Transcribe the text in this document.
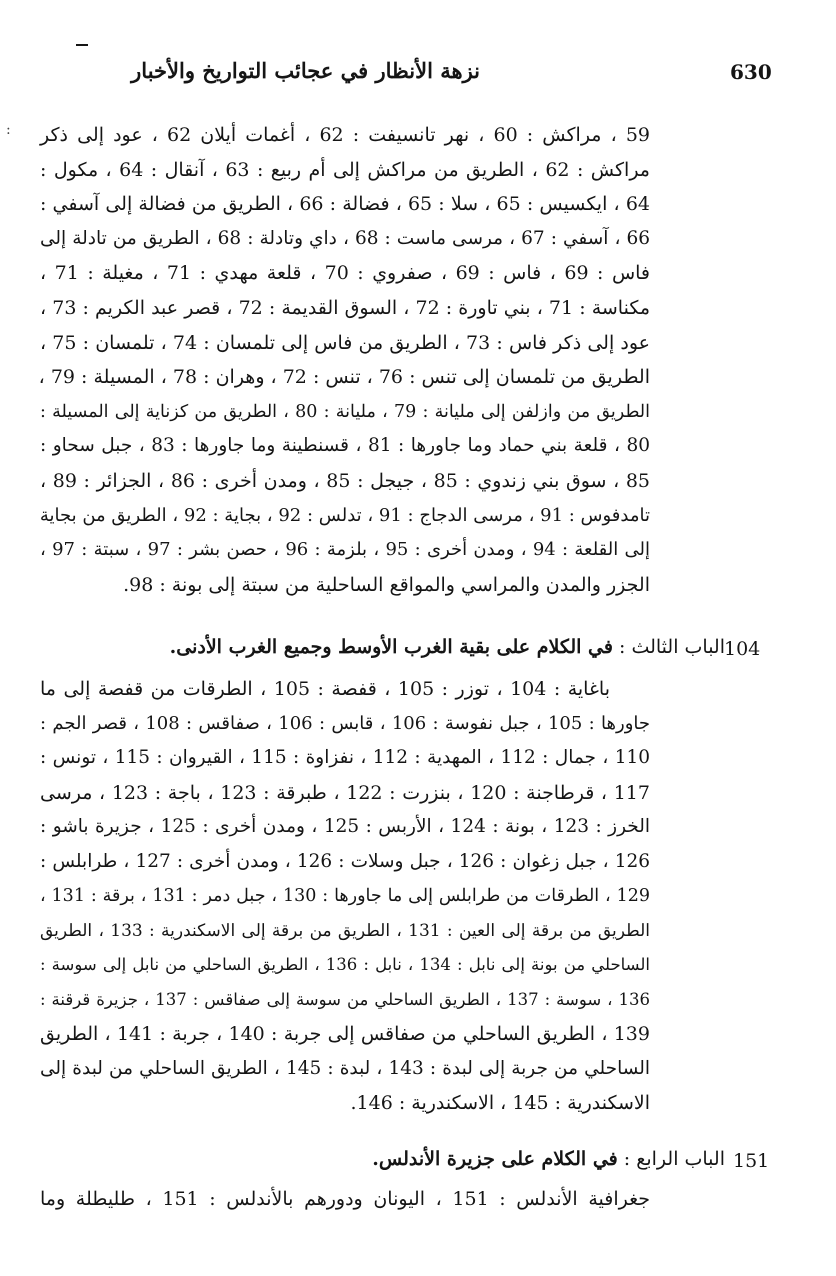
نزهة الأنظار في عجائب التواريخ والأخبار	630
: 59 ، مراكش : 60 ، نهر تانسيفت : 62 ، أغمات أيلان 62 ، عود إلى ذكر
مراكش : 62 ، الطريق من مراكش إلى أم ربيع : 63 ، آنقال : 64 ، مكول :
64 ، ايكسيس : 65 ، سلا : 65 ، فضالة : 66 ، الطريق من فضالة إلى آسفي :
66 ، آسفي : 67 ، مرسى ماست : 68 ، داي وتادلة : 68 ، الطريق من تادلة إلى
فاس : 69 ، فاس : 69 ، صفروي : 70 ، قلعة مهدي : 71 ، مغيلة : 71 ،
مكناسة : 71 ، بني تاورة : 72 ، السوق القديمة : 72 ، قصر عبد الكريم : 73 ،
عود إلى ذكر فاس : 73 ، الطريق من فاس إلى تلمسان : 74 ، تلمسان : 75 ،
الطريق من تلمسان إلى تنس : 76 ، تنس : 72 ، وهران : 78 ، المسيلة : 79 ،
الطريق من وازلفن إلى مليانة : 79 ، مليانة : 80 ، الطريق من كزناية إلى المسيلة :
80 ، قلعة بني حماد وما جاورها : 81 ، قسنطينة وما جاورها : 83 ، جبل سحاو :
85 ، سوق بني زندوي : 85 ، جيجل : 85 ، ومدن أخرى : 86 ، الجزائر : 89 ،
تامدفوس : 91 ، مرسى الدجاج : 91 ، تدلس : 92 ، بجاية : 92 ، الطريق من بجاية
إلى القلعة : 94 ، ومدن أخرى : 95 ، بلزمة : 96 ، حصن بشر : 97 ، سبتة : 97 ،
الجزر والمدن والمراسي والمواقع الساحلية من سبتة إلى بونة : 98.
104
الباب الثالث : في الكلام على بقية الغرب الأوسط وجميع الغرب الأدنى.
باغاية : 104 ، توزر : 105 ، قفصة : 105 ، الطرقات من قفصة إلى ما
جاورها : 105 ، جبل نفوسة : 106 ، قابس : 106 ، صفاقس : 108 ، قصر الجم :
110 ، جمال : 112 ، المهدية : 112 ، نفزاوة : 115 ، القيروان : 115 ، تونس :
117 ، قرطاجنة : 120 ، بنزرت : 122 ، طبرقة : 123 ، باجة : 123 ، مرسى
الخرز : 123 ، بونة : 124 ، الأربس : 125 ، ومدن أخرى : 125 ، جزيرة باشو :
126 ، جبل زغوان : 126 ، جبل وسلات : 126 ، ومدن أخرى : 127 ، طرابلس :
129 ، الطرقات من طرابلس إلى ما جاورها : 130 ، جبل دمر : 131 ، برقة : 131 ،
الطريق من برقة إلى العين : 131 ، الطريق من برقة إلى الاسكندرية : 133 ، الطريق
الساحلي من بونة إلى نابل : 134 ، نابل : 136 ، الطريق الساحلي من نابل إلى سوسة :
136 ، سوسة : 137 ، الطريق الساحلي من سوسة إلى صفاقس : 137 ، جزيرة قرقنة :
139 ، الطريق الساحلي من صفاقس إلى جربة : 140 ، جربة : 141 ، الطريق
الساحلي من جربة إلى لبدة : 143 ، لبدة : 145 ، الطريق الساحلي من لبدة إلى
الاسكندرية : 145 ، الاسكندرية : 146.
151
الباب الرابع : في الكلام على جزيرة الأندلس.
جغرافية الأندلس : 151 ، اليونان ودورهم بالأندلس : 151 ، طليطلة وما
